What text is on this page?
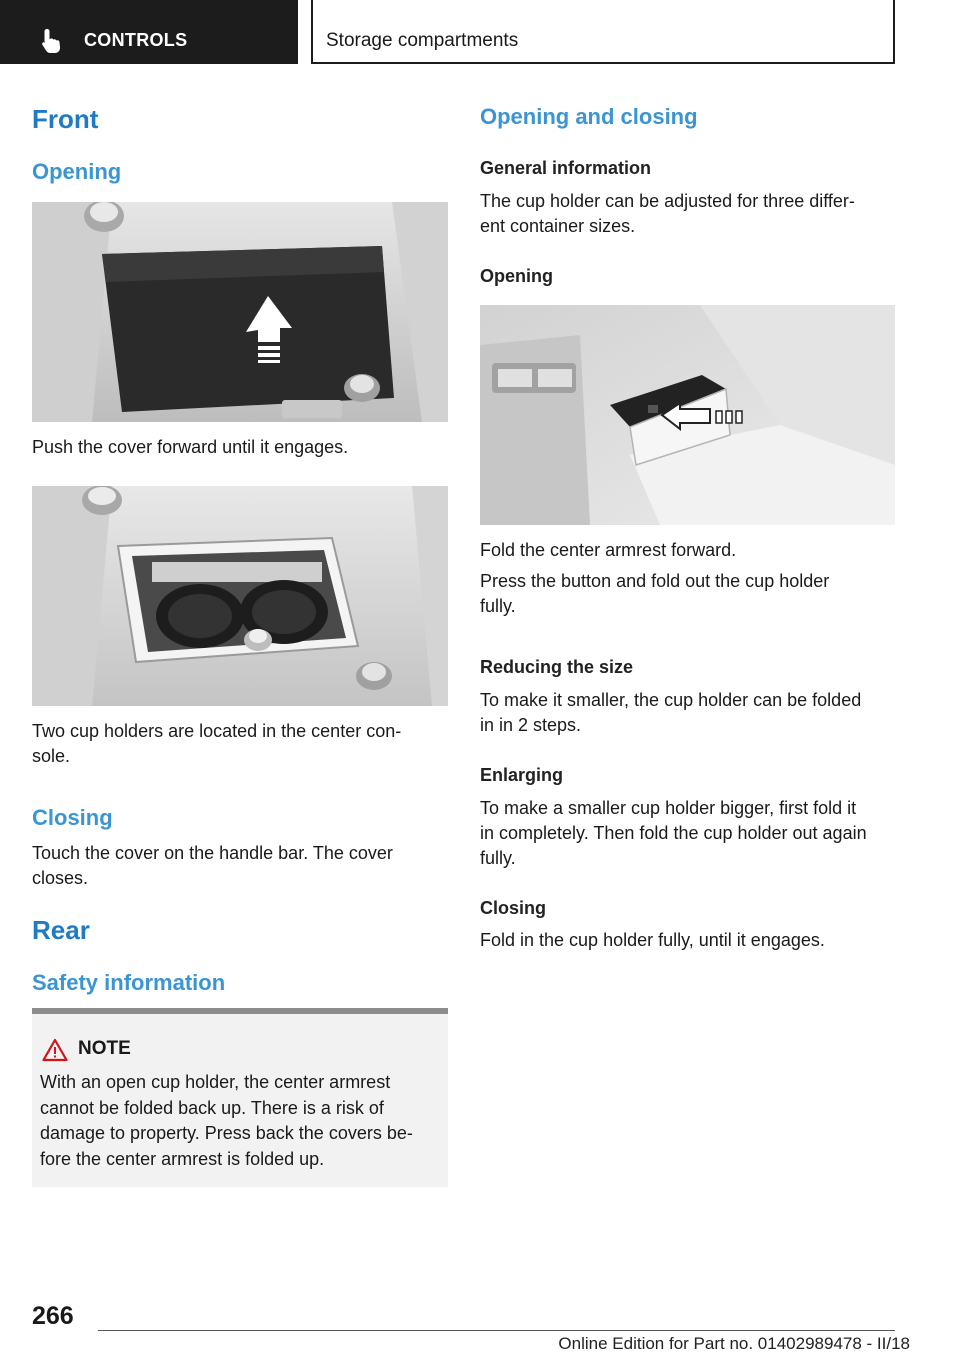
CONTROLS	Storage compartments
Front
Opening
Push the cover forward until it engages.
Two cup holders are located in the center con-
sole.
Closing
Touch the cover on the handle bar. The cover
closes.
Rear
Safety information
NOTE
With an open cup holder, the center armrest
cannot be folded back up. There is a risk of
damage to property. Press back the covers be-
fore the center armrest is folded up.
Opening and closing
General information
The cup holder can be adjusted for three differ-
ent container sizes.
Opening
Fold the center armrest forward.
Press the button and fold out the cup holder
fully.
Reducing the size
To make it smaller, the cup holder can be folded
in in 2 steps.
Enlarging
To make a smaller cup holder bigger, first fold it
in completely. Then fold the cup holder out again
fully.
Closing
Fold in the cup holder fully, until it engages.
266
Online Edition for Part no. 01402989478 - II/18
